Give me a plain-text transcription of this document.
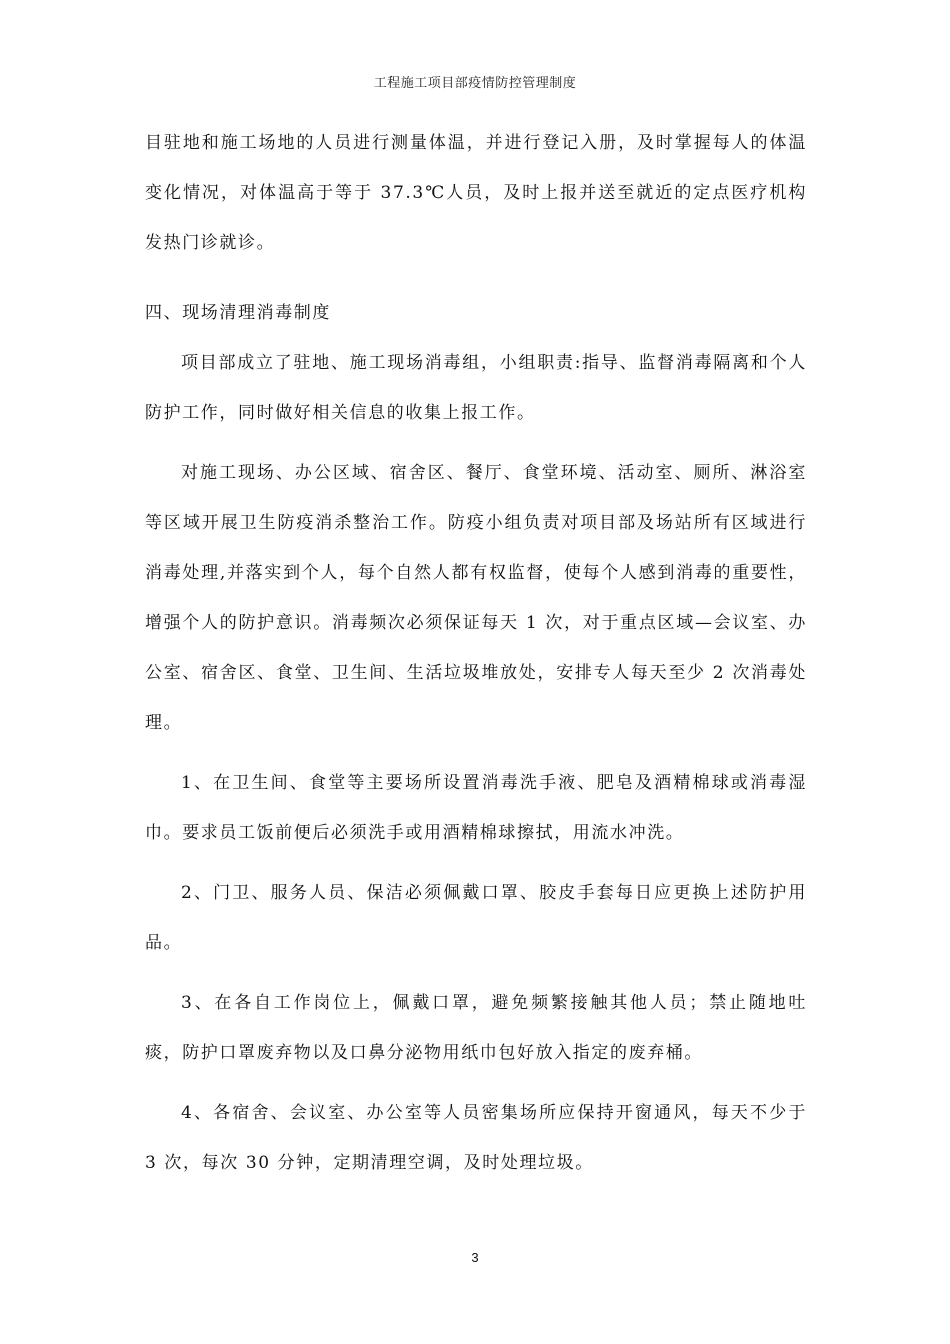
工程施工项目部疫情防控管理制度

目驻地和施工场地的人员进行测量体温，并进行登记入册，及时掌握每人的体温变化情况，对体温高于等于 37.3℃人员，及时上报并送至就近的定点医疗机构发热门诊就诊。

四、现场清理消毒制度

项目部成立了驻地、施工现场消毒组，小组职责:指导、监督消毒隔离和个人防护工作，同时做好相关信息的收集上报工作。

对施工现场、办公区域、宿舍区、餐厅、食堂环境、活动室、厕所、淋浴室等区域开展卫生防疫消杀整治工作。防疫小组负责对项目部及场站所有区域进行消毒处理,并落实到个人，每个自然人都有权监督，使每个人感到消毒的重要性，增强个人的防护意识。消毒频次必须保证每天 1 次，对于重点区域—会议室、办公室、宿舍区、食堂、卫生间、生活垃圾堆放处，安排专人每天至少 2 次消毒处理。

1、在卫生间、食堂等主要场所设置消毒洗手液、肥皂及酒精棉球或消毒湿巾。要求员工饭前便后必须洗手或用酒精棉球擦拭，用流水冲洗。

2、门卫、服务人员、保洁必须佩戴口罩、胶皮手套每日应更换上述防护用品。

3、在各自工作岗位上，佩戴口罩，避免频繁接触其他人员；禁止随地吐痰，防护口罩废弃物以及口鼻分泌物用纸巾包好放入指定的废弃桶。

4、各宿舍、会议室、办公室等人员密集场所应保持开窗通风，每天不少于 3 次，每次 30 分钟，定期清理空调，及时处理垃圾。

3
